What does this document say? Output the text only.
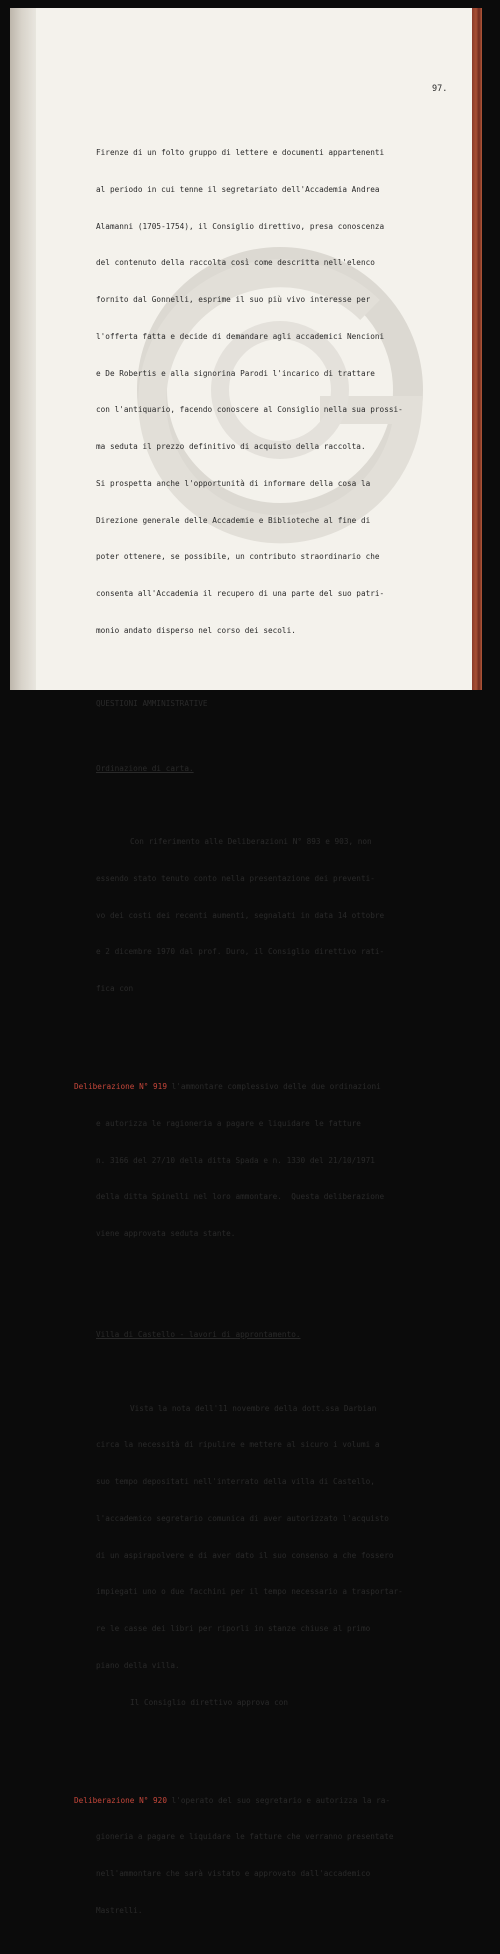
97.

Firenze di un folto gruppo di lettere e documenti appartenenti

al periodo in cui tenne il segretariato dell'Accademia Andrea

Alamanni (1705-1754), il Consiglio direttivo, presa conoscenza

del contenuto della raccolta così come descritta nell'elenco

fornito dal Gonnelli, esprime il suo più vivo interesse per

l'offerta fatta e decide di demandare agli accademici Nencioni

e De Robertis e alla signorina Parodi l'incarico di trattare

con l'antiquario, facendo conoscere al Consiglio nella sua prossi-

ma seduta il prezzo definitivo di acquisto della raccolta.

Si prospetta anche l'opportunità di informare della cosa la

Direzione generale delle Accademie e Biblioteche al fine di

poter ottenere, se possibile, un contributo straordinario che

consenta all'Accademia il recupero di una parte del suo patri-

monio andato disperso nel corso dei secoli.

QUESTIONI AMMINISTRATIVE

Ordinazione di carta.

Con riferimento alle Deliberazioni N° 893 e 903, non

essendo stato tenuto conto nella presentazione dei preventi-

vo dei costi dei recenti aumenti, segnalati in data 14 ottobre

e 2 dicembre 1970 dal prof. Duro, il Consiglio direttivo rati-

fica con

Deliberazione N° 919 l'ammontare complessivo delle due ordinazioni

e autorizza le ragioneria a pagare e liquidare le fatture

n. 3166 del 27/10 della ditta Spada e n. 1330 del 21/10/1971

della ditta Spinelli nel loro ammontare.  Questa deliberazione

viene approvata seduta stante.

Villa di Castello - lavori di approntamento.

Vista la nota dell'11 novembre della dott.ssa Darbian

circa la necessità di ripulire e mettere al sicuro i volumi a

suo tempo depositati nell'interrato della villa di Castello,

l'accademico segretario comunica di aver autorizzato l'acquisto

di un aspirapolvere e di aver dato il suo consenso a che fossero

impiegati uno o due facchini per il tempo necessario a trasportar-

re le casse dei libri per riporli in stanze chiuse al primo

piano della villa.

Il Consiglio direttivo approva con

Deliberazione N° 920 l'operato del suo segretario e autorizza la ra-

gioneria a pagare e liquidare le fatture che verranno presentate

nell'ammontare che sarà vistato e approvato dall'accademico

Mastrelli.
